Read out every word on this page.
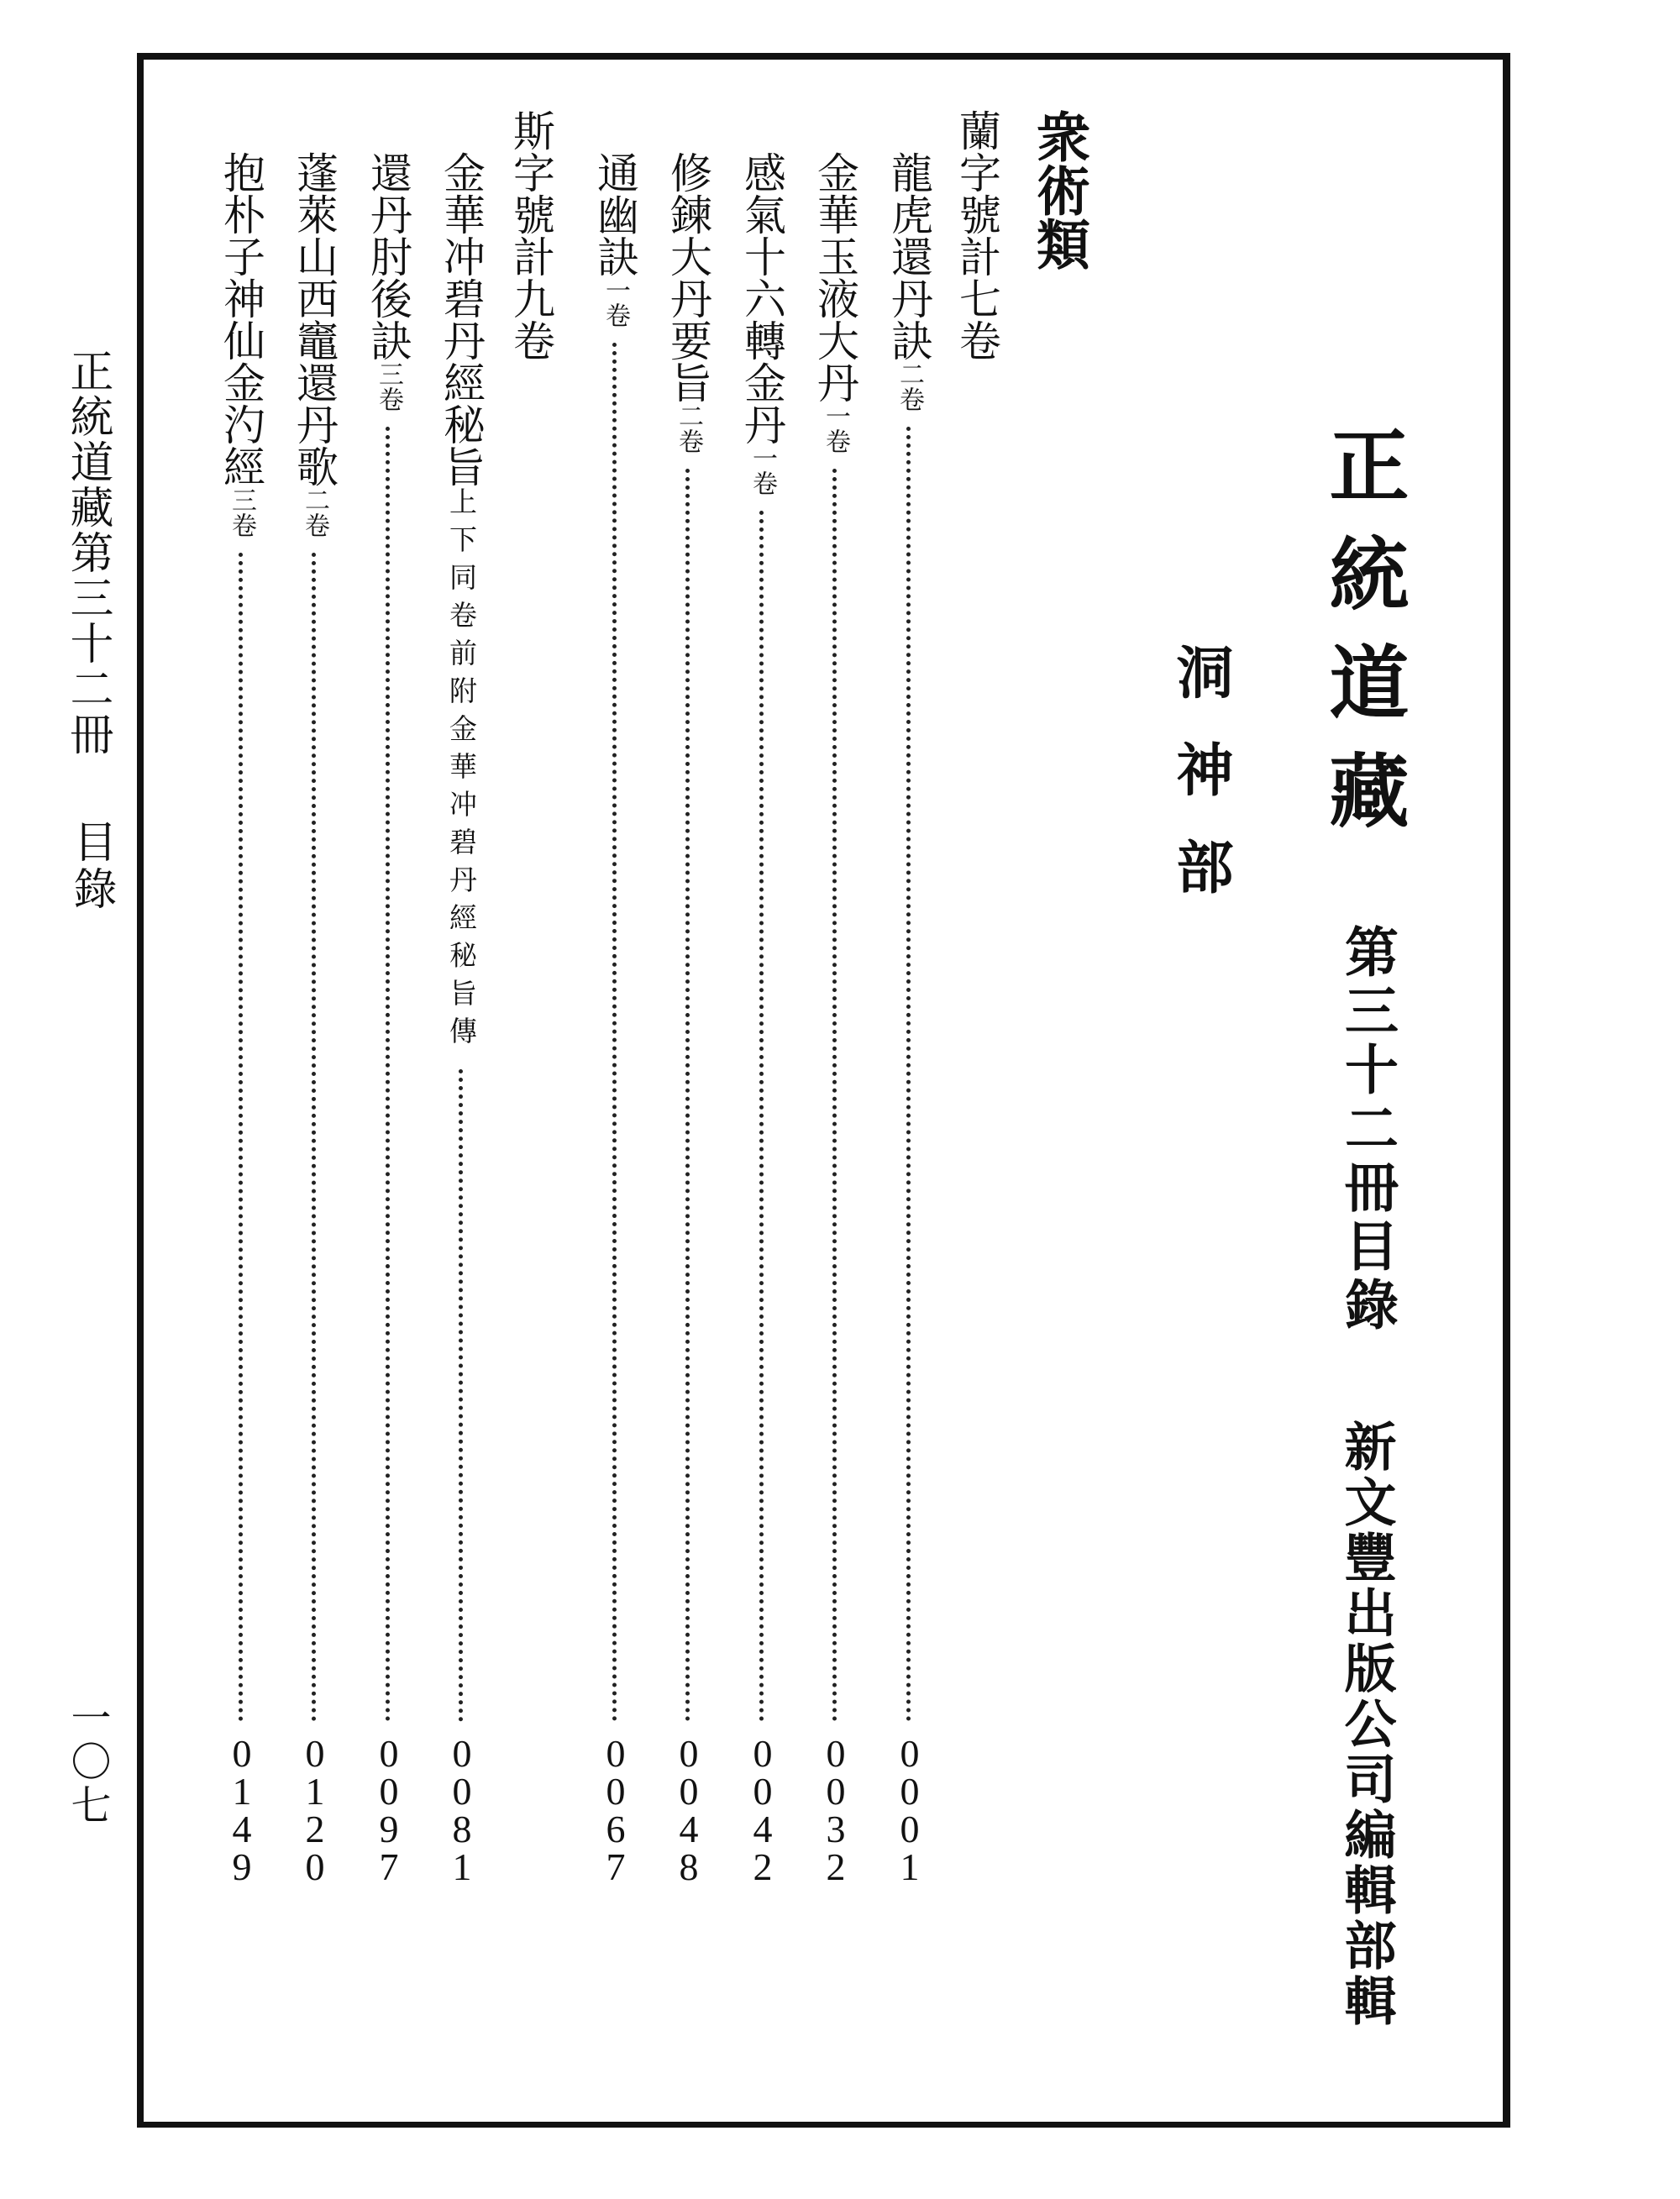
正統道藏
第三十二冊目錄
新文豐出版公司編輯部輯
洞神部
衆術類
蘭字號計七卷
斯字號計九卷	龍虎還丹訣二卷
0
0
0
1
金華玉液大丹一卷
0
0
3
2
感氣十六轉金丹一卷
0
0
4
2
修鍊大丹要旨二卷
0
0
4
8
通幽訣一卷
0
0
6
7
金華冲碧丹經秘旨上下同卷前附金華冲碧丹經秘旨傳
0
0
8
1
還丹肘後訣三卷
0
0
9
7
蓬萊山西竈還丹歌二卷
0
1
2
0
抱朴子神仙金汋經三卷
0
1
4
9
正統道藏第三十二冊
目錄
一〇七
